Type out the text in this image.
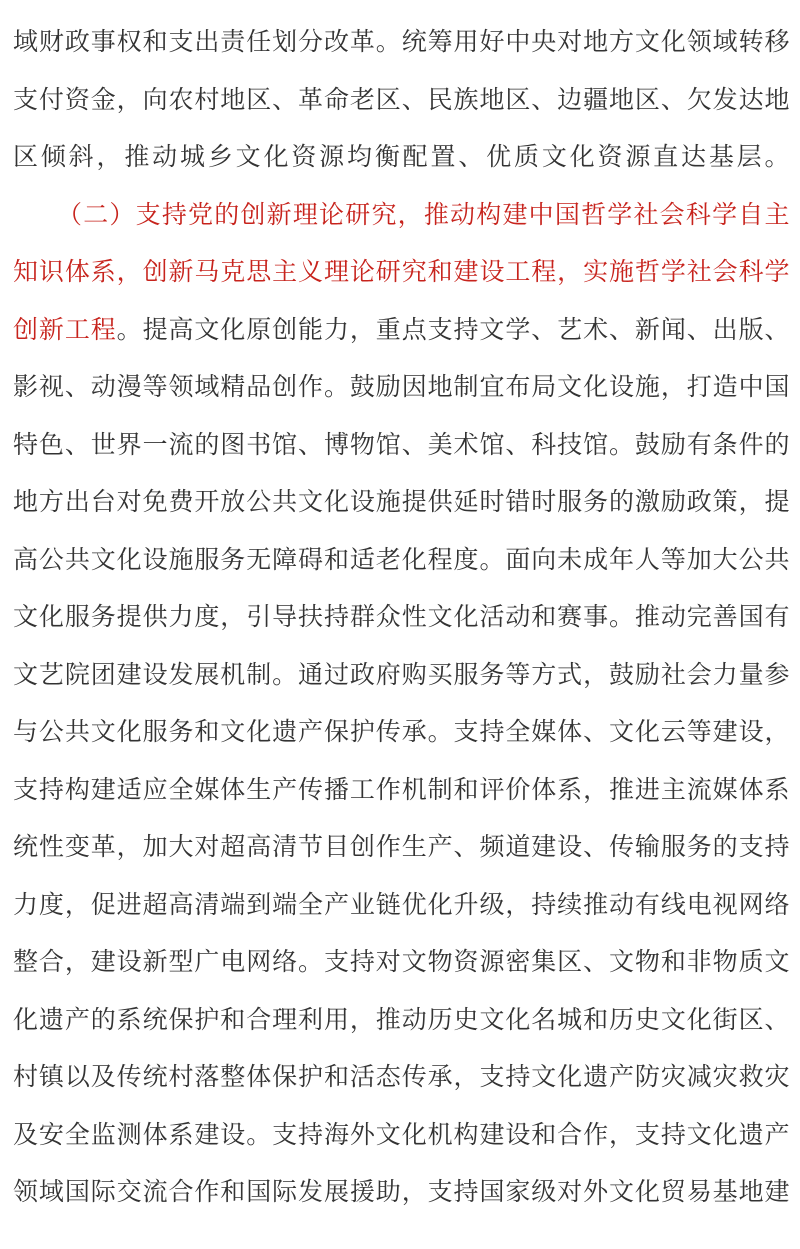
域财政事权和支出责任划分改革。统筹用好中央对地方文化领域转移
支付资金，向农村地区、革命老区、民族地区、边疆地区、欠发达地
区倾斜，推动城乡文化资源均衡配置、优质文化资源直达基层。
（二）支持党的创新理论研究，推动构建中国哲学社会科学自主
知识体系，创新马克思主义理论研究和建设工程，实施哲学社会科学
创新工程。提高文化原创能力，重点支持文学、艺术、新闻、出版、
影视、动漫等领域精品创作。鼓励因地制宜布局文化设施，打造中国
特色、世界一流的图书馆、博物馆、美术馆、科技馆。鼓励有条件的
地方出台对免费开放公共文化设施提供延时错时服务的激励政策，提
高公共文化设施服务无障碍和适老化程度。面向未成年人等加大公共
文化服务提供力度，引导扶持群众性文化活动和赛事。推动完善国有
文艺院团建设发展机制。通过政府购买服务等方式，鼓励社会力量参
与公共文化服务和文化遗产保护传承。支持全媒体、文化云等建设，
支持构建适应全媒体生产传播工作机制和评价体系，推进主流媒体系
统性变革，加大对超高清节目创作生产、频道建设、传输服务的支持
力度，促进超高清端到端全产业链优化升级，持续推动有线电视网络
整合，建设新型广电网络。支持对文物资源密集区、文物和非物质文
化遗产的系统保护和合理利用，推动历史文化名城和历史文化街区、
村镇以及传统村落整体保护和活态传承，支持文化遗产防灾减灾救灾
及安全监测体系建设。支持海外文化机构建设和合作，支持文化遗产
领域国际交流合作和国际发展援助，支持国家级对外文化贸易基地建
